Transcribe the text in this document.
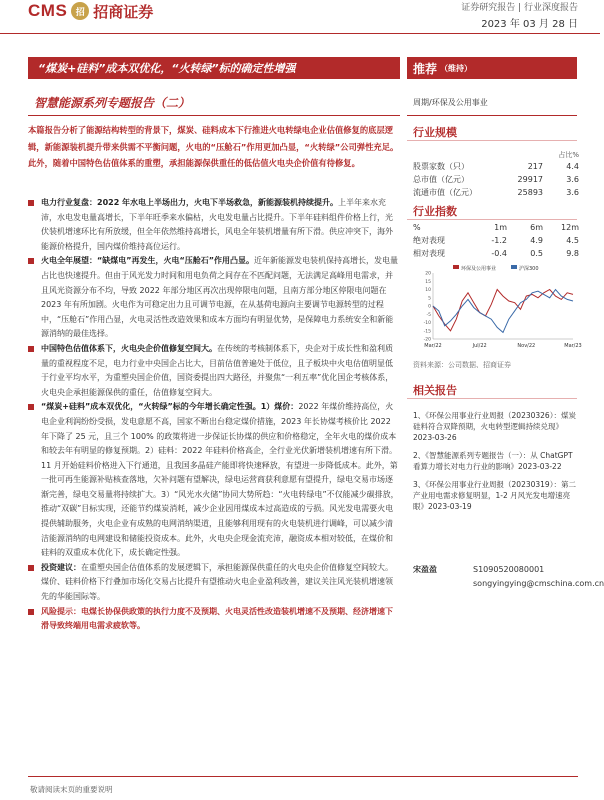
CMS 招 招商证券	证券研究报告 | 行业深度报告
2023 年 03 月 28 日
“煤炭+硅料”成本双优化，“火转绿”标的确定性增强	推荐 （维持）
智慧能源系列专题报告（二）	周期/环保及公用事业
本篇报告分析了能源结构转型的背景下，煤炭、硅料成本下行推进火电转绿电企业估值修复的底层逻辑，新能源装机提升带来供需不平衡问题，火电的“压舱石”作用更加凸显，“火转绿”公司弹性充足。此外，随着中国特色估值体系的重塑，承担能源保供重任的低估值火电央企价值有待修复。
电力行业复盘：2022 年水电上半场出力，火电下半场救急，新能源装机持续提升。上半年来水充沛，水电发电量高增长，下半年旺季来水偏枯，火电发电量占比提升。下半年硅料组件价格上行，光伏装机增速环比有所放缓，但全年依然维持高增长，风电全年装机增量有所下滑。供应冲突下，海外能源价格提升，国内煤价维持高位运行。
火电全年展望：“缺煤电”再发生，火电“压舱石”作用凸显。近年新能源发电装机保持高增长，发电量占比也快速提升。但由于风光发力时间和用电负荷之间存在不匹配问题，无法满足高峰用电需求，并且风光资源分布不均，导致 2022 年部分地区再次出现停限电问题，且南方部分地区停限电问题在 2023 年有所加剧。火电作为可稳定出力且可调节电源，在从基荷电源向主要调节电源转型的过程中，“压舱石”作用凸显，火电灵活性改造效果和成本方面均有明显优势，是保障电力系统安全和新能源消纳的最佳选择。
中国特色估值体系下，火电央企价值修复空间大。在传统的考核制体系下，央企对于成长性和盈利质量的重视程度不足，电力行业中央国企占比大，目前估值普遍处于低位，且子板块中火电估值明显低于行业平均水平，为重塑央国企价值，国资委提出四大路径，并聚焦“一利五率”优化国企考核体系，火电央企承担能源保供的重任，估值修复空间大。
“煤炭+硅料”成本双优化，“火转绿”标的今年增长确定性强。1）煤价：2022 年煤价维持高位，火电企业利润纷纷受损，发电意愿不高，国家不断出台稳定煤价措施，2023 年长协煤考核价比 2022 年下降了 25 元，且三个 100% 的政策将进一步保证长协煤的供应和价格稳定，全年火电的煤价成本和较去年有明显的修复预期。2）硅料：2022 年硅料价格高企，全行业光伏新增装机增速有所下滑。11 月开始硅料价格进入下行通道，且我国多晶硅产能即将快速释放，有望进一步降低成本。此外，第一批可再生能源补贴核查落地，欠补问题有望解决，绿电运营商获利意愿有望提升，绿电交易市场逐渐完善，绿电交易量将持续扩大。3）“风光水火储”协同大势所趋：“火电转绿电”不仅能减少碳排放，推动“双碳”目标实现，还能节约煤炭消耗，减少企业因用煤成本过高造成的亏损。风光发电需要火电提供辅助服务，火电企业有成熟的电网消纳渠道，且能够利用现有的火电装机进行调峰，可以减少清洁能源消纳的电网建设和储能投资成本。此外，火电央企现金流充沛，融资成本相对较低，在煤价和硅料的双重成本优化下，成长确定性强。
投资建议：在重塑央国企估值体系的发展逻辑下，承担能源保供重任的火电央企价值修复空间较大。煤价、硅料价格下行叠加市场化交易占比提升有望推动火电企业盈利改善，建议关注风光装机增速领先的华能国际等。
风险提示：电煤长协保供政策的执行力度不及预期、火电灵活性改造装机增速不及预期、经济增速下滑导致终端用电需求疲软等。
行业规模
占比%
股票家数（只）	217	4.4
总市值（亿元）	29917	3.6
流通市值（亿元）	25893	3.6
行业指数
%	1m	6m	12m
绝对表现	-1.2	4.9	4.5
相对表现	-0.4	0.5	9.8
环保及公用事业	沪深300
20
15
10
5
0
-5
-10
-15
-20
Mar/22	Jul/22	Nov/22	Mar/23
资料来源：公司数据、招商证券
相关报告
1、《环保公用事业行业周报（20230326）：煤炭硅料符合双降预期，火电转型逻辑持续兑现》2023-03-26
2、《智慧能源系列专题报告（一）：从 ChatGPT 看算力增长对电力行业的影响》2023-03-22
3、《环保公用事业行业周报（20230319）：第二产业用电需求修复明显，1-2 月风光发电增速亮眼》2023-03-19
宋盈盈	S1090520080001
songyingying@cmschina.com.cn
敬请阅读末页的重要说明
